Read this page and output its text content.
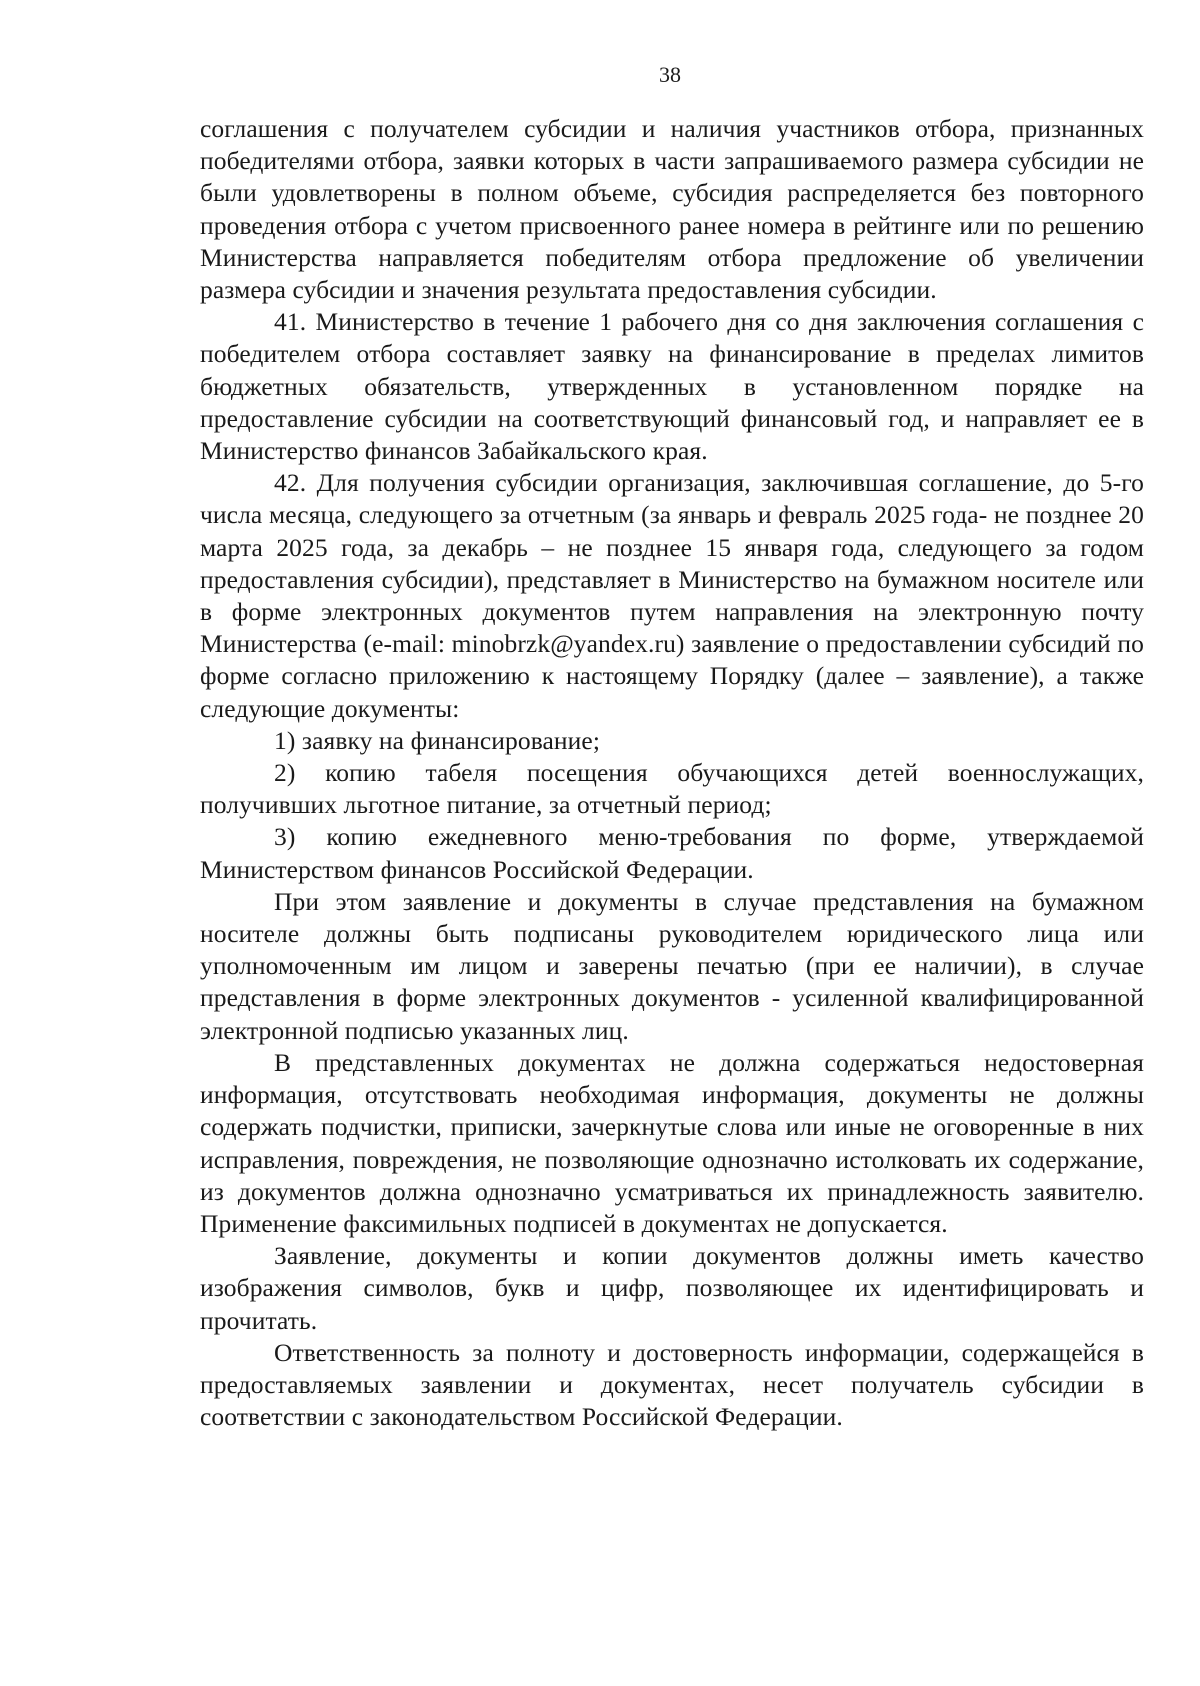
38

соглашения с получателем субсидии и наличия участников отбора, признанных победителями отбора, заявки которых в части запрашиваемого размера субсидии не были удовлетворены в полном объеме, субсидия распределяется без повторного проведения отбора с учетом присвоенного ранее номера в рейтинге или по решению Министерства направляется победителям отбора предложение об увеличении размера субсидии и значения результата предоставления субсидии.

41. Министерство в течение 1 рабочего дня со дня заключения соглашения с победителем отбора составляет заявку на финансирование в пределах лимитов бюджетных обязательств, утвержденных в установленном порядке на предоставление субсидии на соответствующий финансовый год, и направляет ее в Министерство финансов Забайкальского края.

42. Для получения субсидии организация, заключившая соглашение, до 5-го числа месяца, следующего за отчетным (за январь и февраль 2025 года- не позднее 20 марта 2025 года, за декабрь – не позднее 15 января года, следующего за годом предоставления субсидии), представляет в Министерство на бумажном носителе или в форме электронных документов путем направления на электронную почту Министерства (e-mail: minobrzk@yandex.ru) заявление о предоставлении субсидий по форме согласно приложению к настоящему Порядку (далее – заявление), а также следующие документы:

1) заявку на финансирование;

2) копию табеля посещения обучающихся детей военнослужащих, получивших льготное питание, за отчетный период;

3) копию ежедневного меню-требования по форме, утверждаемой Министерством финансов Российской Федерации.

При этом заявление и документы в случае представления на бумажном носителе должны быть подписаны руководителем юридического лица или уполномоченным им лицом и заверены печатью (при ее наличии), в случае представления в форме электронных документов - усиленной квалифицированной электронной подписью указанных лиц.

В представленных документах не должна содержаться недостоверная информация, отсутствовать необходимая информация, документы не должны содержать подчистки, приписки, зачеркнутые слова или иные не оговоренные в них исправления, повреждения, не позволяющие однозначно истолковать их содержание, из документов должна однозначно усматриваться их принадлежность заявителю. Применение факсимильных подписей в документах не допускается.

Заявление, документы и копии документов должны иметь качество изображения символов, букв и цифр, позволяющее их идентифицировать и прочитать.

Ответственность за полноту и достоверность информации, содержащейся в предоставляемых заявлении и документах, несет получатель субсидии в соответствии с законодательством Российской Федерации.
